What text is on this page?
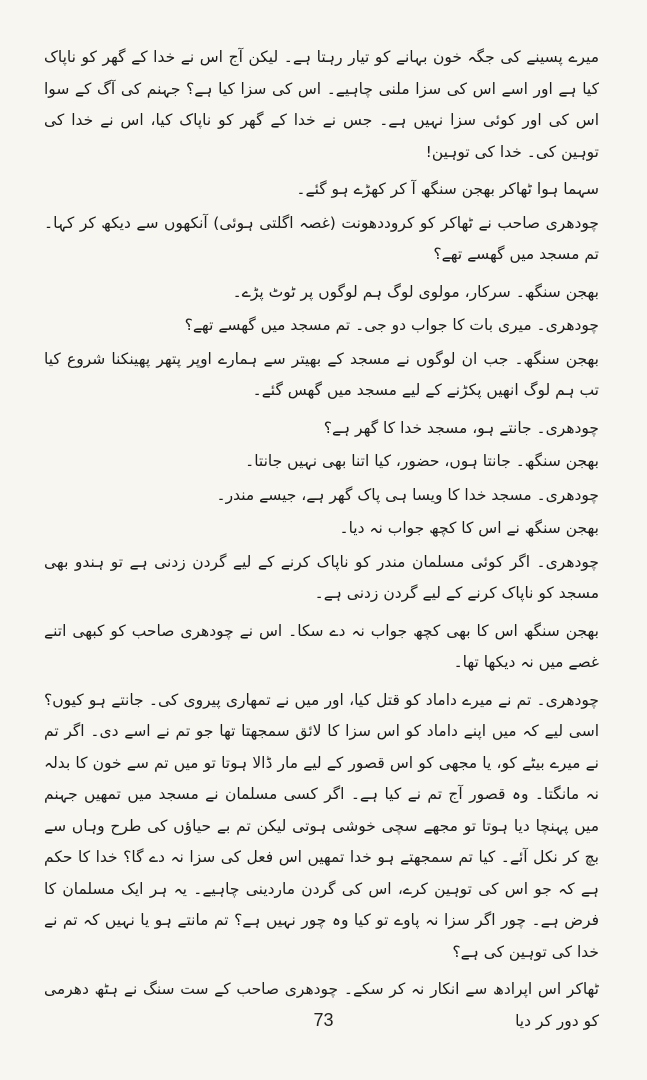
میرے پسینے کی جگہ خون بہانے کو تیار رہتا ہے۔ لیکن آج اس نے خدا کے گھر کو ناپاک کیا ہے اور اسے اس کی سزا ملنی چاہیے۔ اس کی سزا کیا ہے؟ جہنم کی آگ کے سوا اس کی اور کوئی سزا نہیں ہے۔ جس نے خدا کے گھر کو ناپاک کیا، اس نے خدا کی توہین کی۔ خدا کی توہین!

سہما ہوا ٹھاکر بھجن سنگھ آ کر کھڑے ہو گئے۔

چودھری صاحب نے ٹھاکر کو کروددھونت (غصہ اگلتی ہوئی) آنکھوں سے دیکھ کر کہا۔ تم مسجد میں گھسے تھے؟

بھجن سنگھ۔ سرکار، مولوی لوگ ہم لوگوں پر ٹوٹ پڑے۔

چودھری۔ میری بات کا جواب دو جی۔ تم مسجد میں گھسے تھے؟

بھجن سنگھ۔ جب ان لوگوں نے مسجد کے بھیتر سے ہمارے اوپر پتھر پھینکنا شروع کیا تب ہم لوگ انھیں پکڑنے کے لیے مسجد میں گھس گئے۔

چودھری۔ جانتے ہو، مسجد خدا کا گھر ہے؟

بھجن سنگھ۔ جانتا ہوں، حضور، کیا اتنا بھی نہیں جانتا۔

چودھری۔ مسجد خدا کا ویسا ہی پاک گھر ہے، جیسے مندر۔

بھجن سنگھ نے اس کا کچھ جواب نہ دیا۔

چودھری۔ اگر کوئی مسلمان مندر کو ناپاک کرنے کے لیے گردن زدنی ہے تو ہندو بھی مسجد کو ناپاک کرنے کے لیے گردن زدنی ہے۔

بھجن سنگھ اس کا بھی کچھ جواب نہ دے سکا۔ اس نے چودھری صاحب کو کبھی اتنے غصے میں نہ دیکھا تھا۔

چودھری۔ تم نے میرے داماد کو قتل کیا، اور میں نے تمھاری پیروی کی۔ جانتے ہو کیوں؟ اسی لیے کہ میں اپنے داماد کو اس سزا کا لائق سمجھتا تھا جو تم نے اسے دی۔ اگر تم نے میرے بیٹے کو، یا مجھی کو اس قصور کے لیے مار ڈالا ہوتا تو میں تم سے خون کا بدلہ نہ مانگتا۔ وہ قصور آج تم نے کیا ہے۔ اگر کسی مسلمان نے مسجد میں تمھیں جہنم میں پہنچا دیا ہوتا تو مجھے سچی خوشی ہوتی لیکن تم بے حیاؤں کی طرح وہاں سے بچ کر نکل آئے۔ کیا تم سمجھتے ہو خدا تمھیں اس فعل کی سزا نہ دے گا؟ خدا کا حکم ہے کہ جو اس کی توہین کرے، اس کی گردن ماردینی چاہیے۔ یہ ہر ایک مسلمان کا فرض ہے۔ چور اگر سزا نہ پاوے تو کیا وہ چور نہیں ہے؟ تم مانتے ہو یا نہیں کہ تم نے خدا کی توہین کی ہے؟

ٹھاکر اس اپرادھ سے انکار نہ کر سکے۔ چودھری صاحب کے ست سنگ نے ہٹھ دھرمی کو دور کر دیا

73
